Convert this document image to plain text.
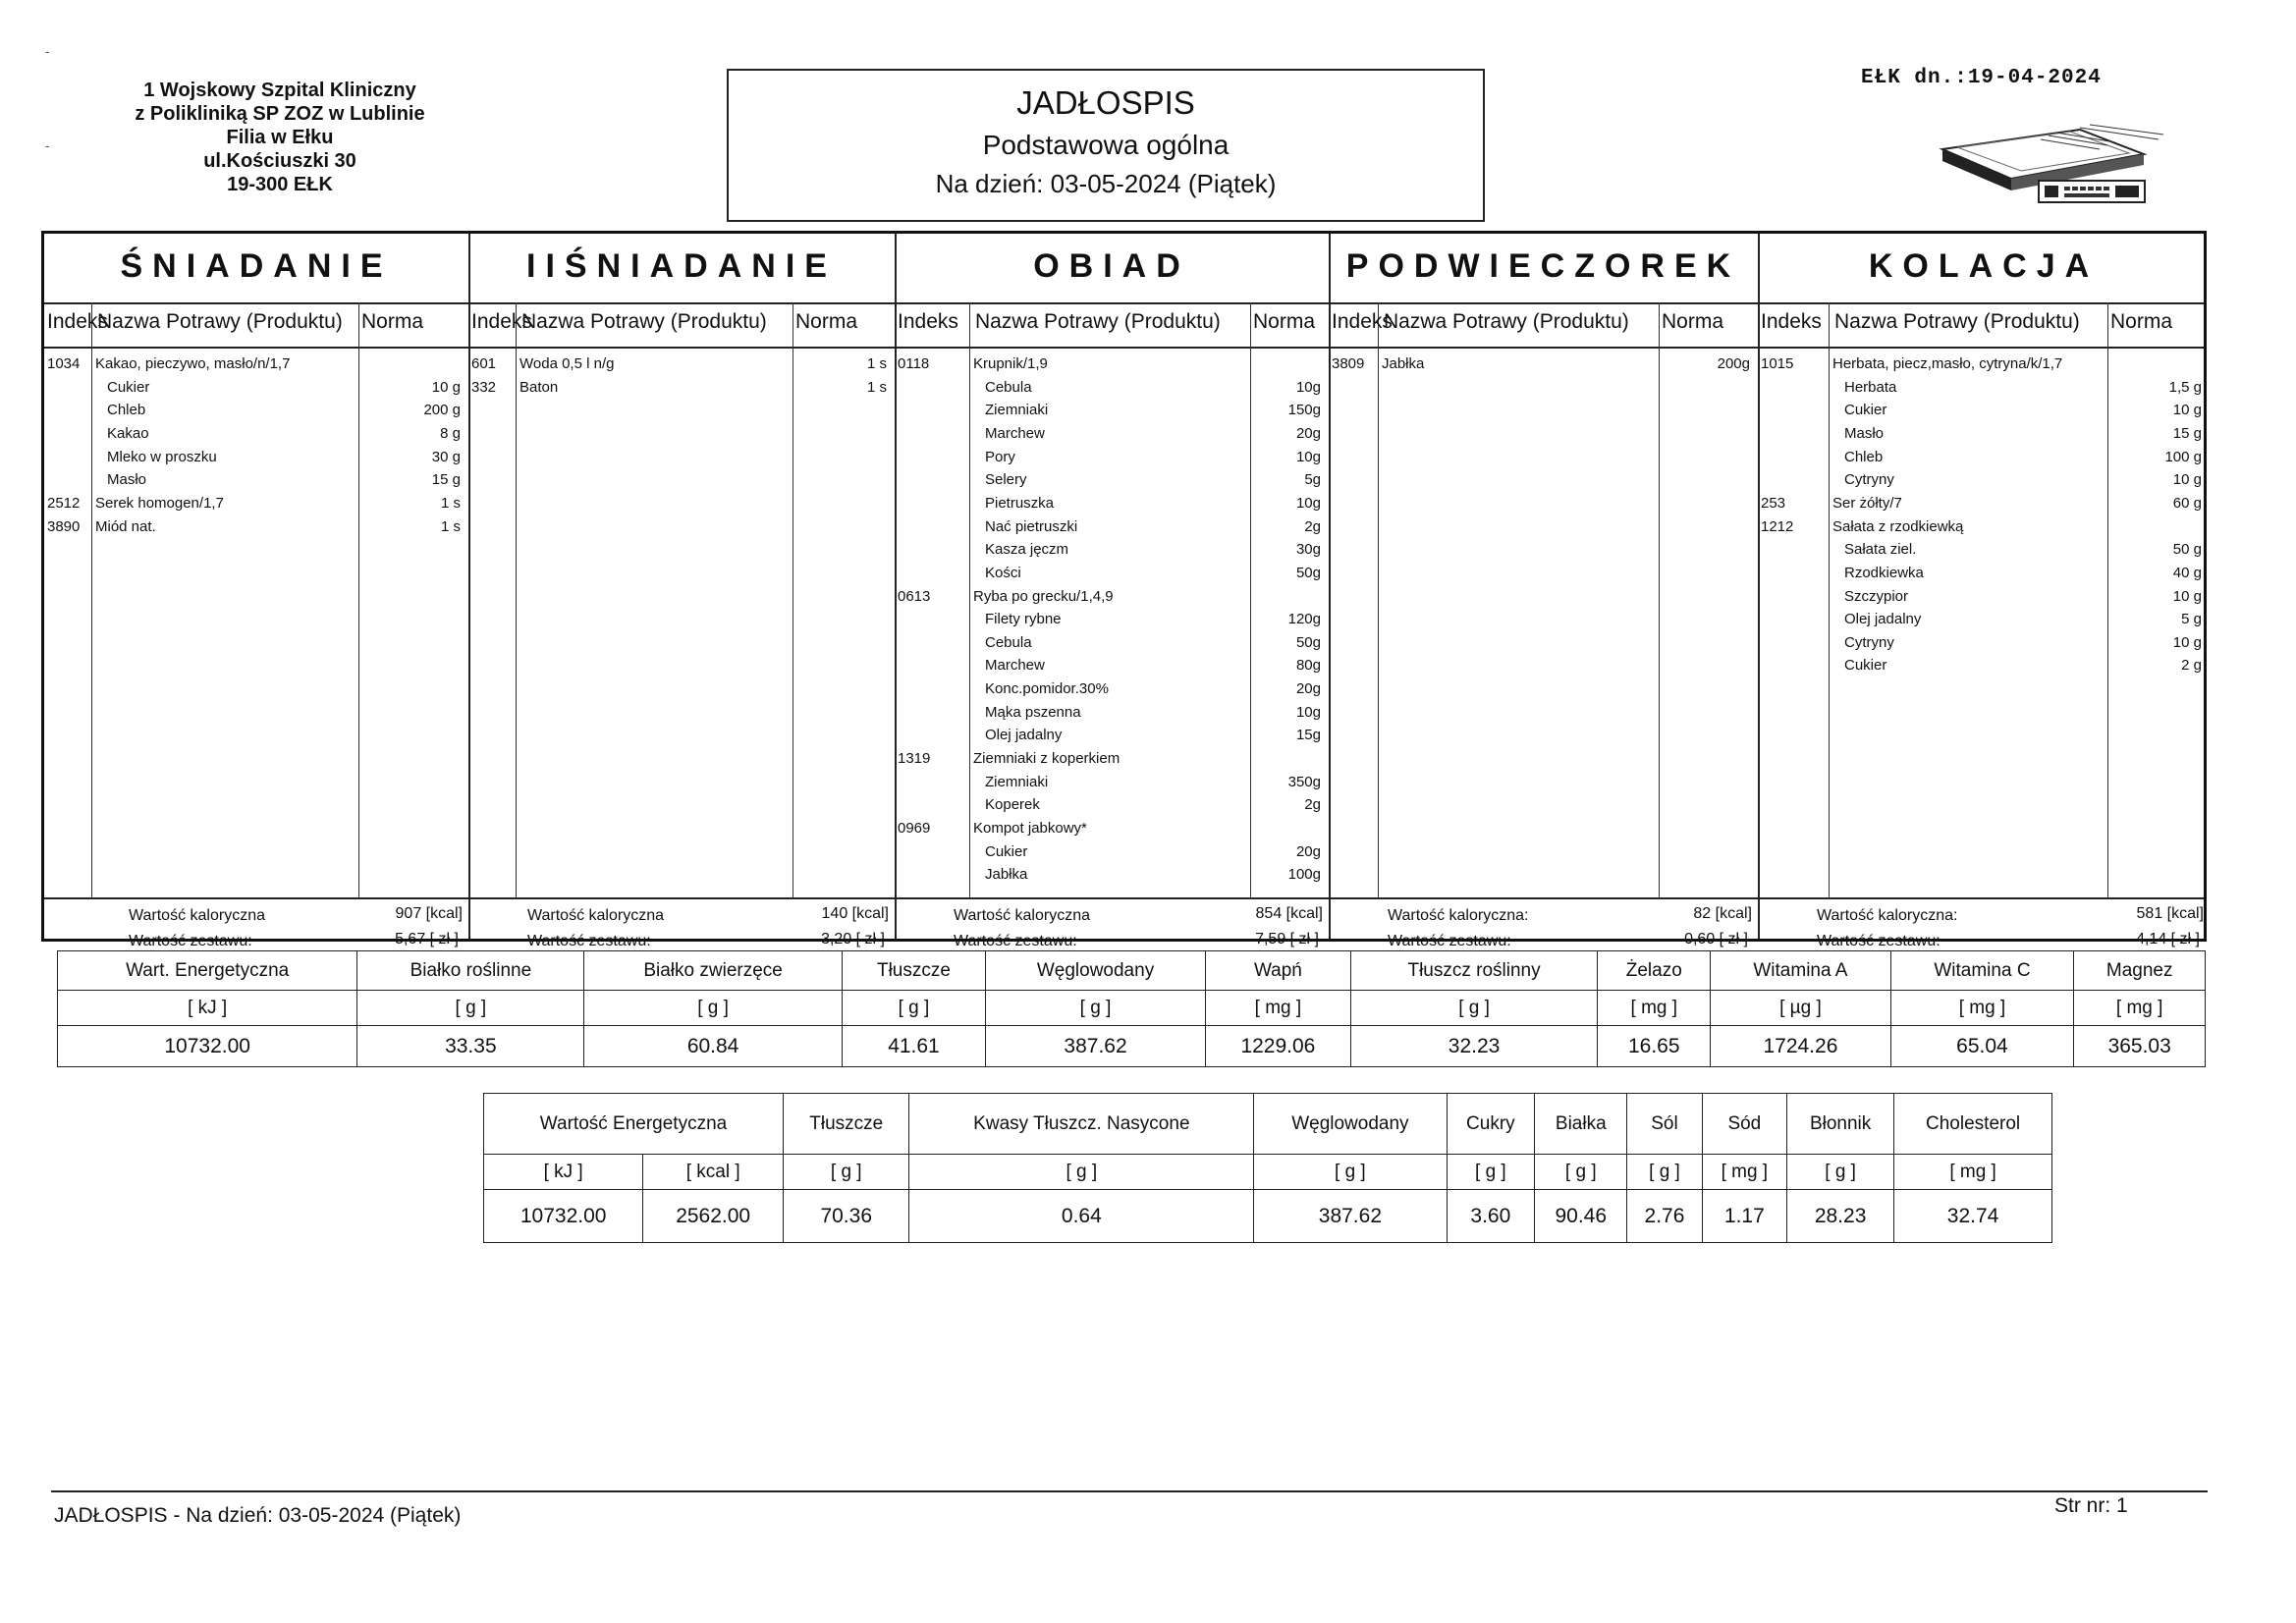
-
-
1 Wojskowy Szpital Kliniczny
z Polikliniką SP ZOZ w Lublinie
Filia w Ełku
ul.Kościuszki 30
19-300 EŁK
JADŁOSPIS
Podstawowa ogólna
Na dzień: 03-05-2024 (Piątek)
EŁK dn.:19-04-2024
ŚNIADANIE	IIŚNIADANIE	OBIAD	PODWIECZOREK	KOLACJA
Indeks
Nazwa Potrawy (Produktu) Norma
1034 Kakao, pieczywo, masło/n/1,7
Cukier	10 g
Chleb	200 g
Kakao	8 g
Mleko w proszku	30 g
Masło	15 g
2512 Serek homogen/1,7	1 s
3890 Miód nat.	1 s
Wartość kaloryczna	907 [kcal]
Wartość zestawu:	5,67 [ zł ]
Indeks
Nazwa Potrawy (Produktu)	Norma
601 Woda 0,5 l n/g	1 s
332 Baton	1 s
Wartość kaloryczna	140 [kcal]
Wartość zestawu:	3,20 [ zł ]
Indeks Nazwa Potrawy (Produktu)	Norma
0118	Krupnik/1,9
Cebula	10g
Ziemniaki	150g
Marchew	20g
Pory	10g
Selery	5g
Pietruszka	10g
Nać pietruszki	2g
Kasza jęczm	30g
Kości	50g
0613	Ryba po grecku/1,4,9
Filety rybne	120g
Cebula	50g
Marchew	80g
Konc.pomidor.30%	20g
Mąka pszenna	10g
Olej jadalny	15g
1319	Ziemniaki z koperkiem
Ziemniaki	350g
Koperek	2g
0969	Kompot jabkowy*
Cukier	20g
Jabłka	100g
Wartość kaloryczna	854 [kcal]
Wartość zestawu:	7,59 [ zł ]
Indeks
Nazwa Potrawy (Produktu)	Norma
3809 Jabłka	200g
Wartość kaloryczna:	82 [kcal]
Wartość zestawu:	0,60 [ zł ]
Indeks Nazwa Potrawy (Produktu)	Norma
1015	Herbata, piecz,masło, cytryna/k/1,7
Herbata	1,5 g
Cukier	10 g
Masło	15 g
Chleb	100 g
Cytryny	10 g
253	Ser żółty/7	60 g
1212	Sałata z rzodkiewką
Sałata ziel.	50 g
Rzodkiewka	40 g
Szczypior	10 g
Olej jadalny	5 g
Cytryny	10 g
Cukier	2 g
Wartość kaloryczna:	581 [kcal]
Wartość zestawu:	4,14 [ zł ]
Wart. Energetyczna	Białko roślinne	Białko zwierzęce	Tłuszcze	Węglowodany	Wapń	Tłuszcz roślinny	Żelazo	Witamina A	Witamina C	Magnez
[ kJ ]	[ g ]	[ g ]	[ g ]	[ g ]	[ mg ]	[ g ]	[ mg ]	[ µg ]	[ mg ]	[ mg ]
10732.00	33.35	60.84	41.61	387.62	1229.06	32.23	16.65	1724.26	65.04	365.03
Wartość Energetyczna		Tłuszcze	Kwasy Tłuszcz. Nasycone	Węglowodany	Cukry	Białka	Sól	Sód	Błonnik	Cholesterol
[ kJ ]	[ kcal ]	[ g ]	[ g ]	[ g ]	[ g ]	[ g ]	[ g ]	[ mg ]	[ g ]	[ mg ]
10732.00	2562.00	70.36	0.64	387.62	3.60	90.46	2.76	1.17	28.23	32.74
JADŁOSPIS - Na dzień: 03-05-2024 (Piątek)	Str nr: 1
